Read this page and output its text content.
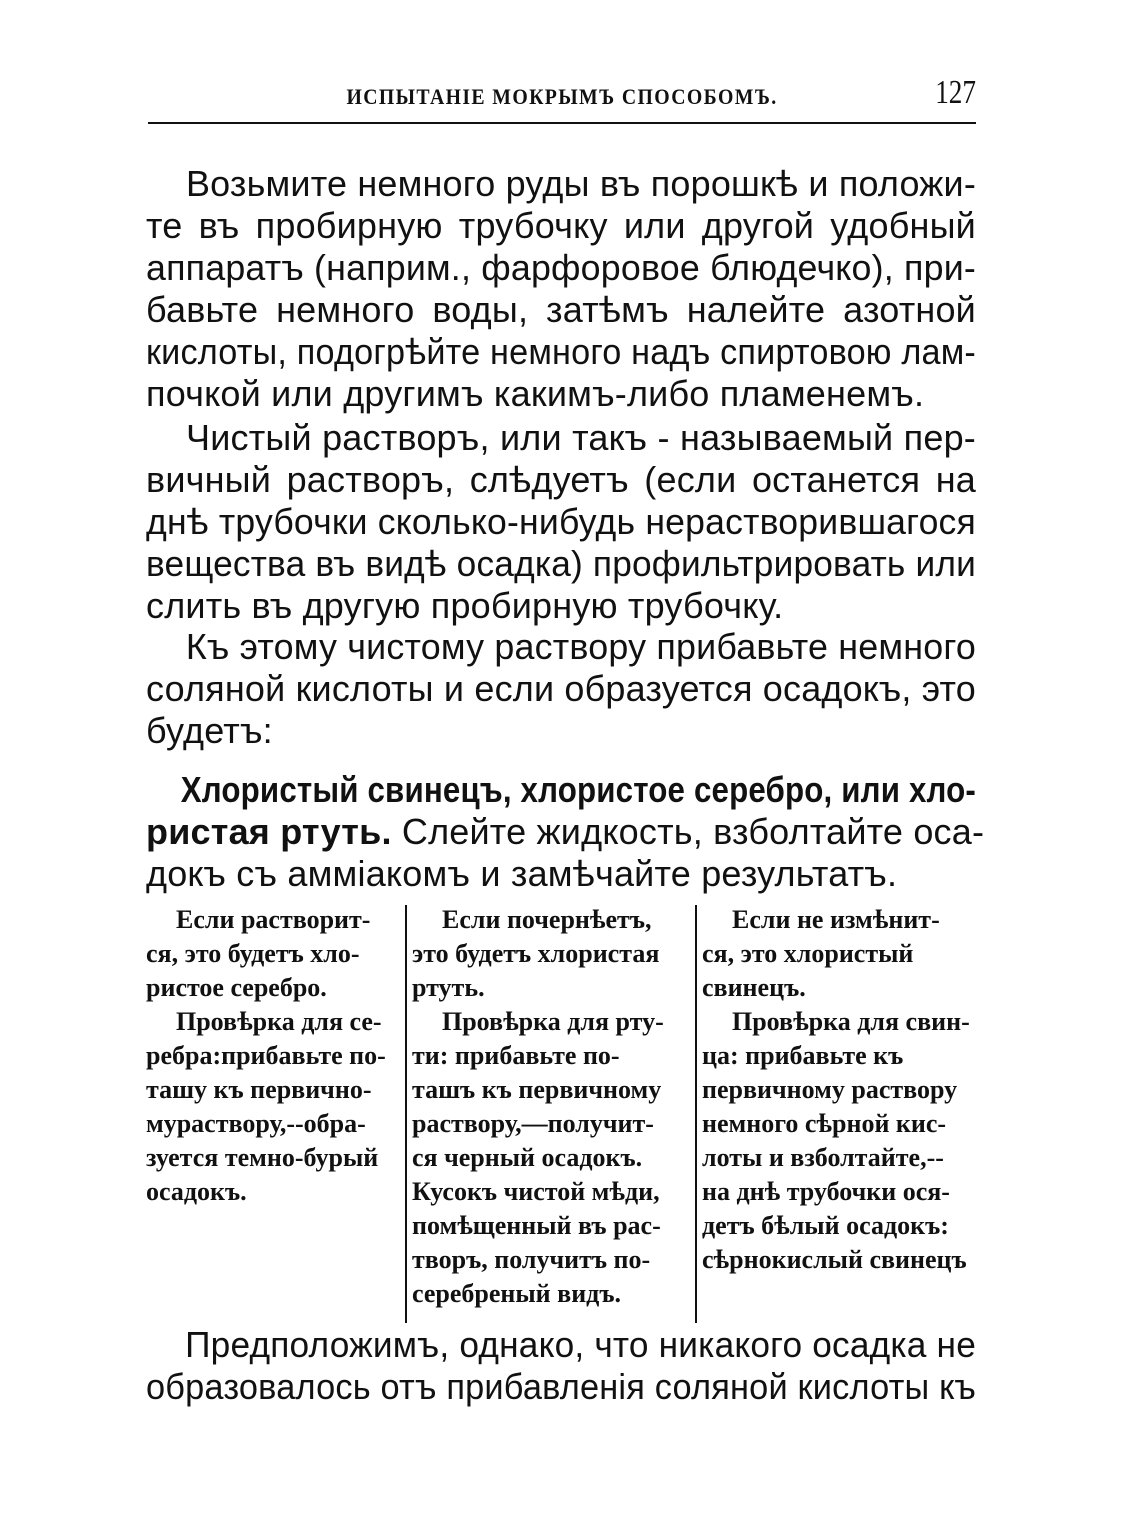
ИСПЫТАНІЕ МОКРЫМЪ СПОСОБОМЪ.	127
Возьмите немного руды въ порошкѣ и положи-
те въ пробирную трубочку или другой удобный
аппаратъ (наприм., фарфоровое блюдечко), при-
бавьте немного воды, затѣмъ налейте азотной
кислоты, подогрѣйте немного надъ спиртовою лам-
почкой или другимъ какимъ-либо пламенемъ.
Чистый растворъ, или такъ - называемый пер-
вичный растворъ, слѣдуетъ (если останется на
днѣ трубочки сколько-нибудь нерастворившагося
вещества въ видѣ осадка) профильтрировать или
слить въ другую пробирную трубочку.
Къ этому чистому раствору прибавьте немного
соляной кислоты и если образуется осадокъ, это
будетъ:
Хлористый свинецъ, хлористое серебро, или хло-
ристая ртуть. Слейте жидкость, взболтайте оса-
докъ съ амміакомъ и замѣчайте результатъ.
Если растворит-
ся, это будетъ хло-
ристое серебро.
Провѣрка для се-
ребра:прибавьте по-
ташу къ первично-
мураствору,--обра-
зуется темно-бурый
осадокъ.
Если почернѣетъ,
это будетъ хлористая
ртуть.
Провѣрка для рту-
ти: прибавьте по-
ташъ къ первичному
раствору,—получит-
ся черный осадокъ.
Кусокъ чистой мѣди,
помѣщенный въ рас-
творъ, получитъ по-
серебреный видъ.
Если не измѣнит-
ся, это хлористый
свинецъ.
Провѣрка для свин-
ца: прибавьте къ
первичному раствору
немного сѣрной кис-
лоты и взболтайте,--
на днѣ трубочки ося-
детъ бѣлый осадокъ:
сѣрнокислый свинецъ
Предположимъ, однако, что никакого осадка не
образовалось отъ прибавленія соляной кислоты къ
